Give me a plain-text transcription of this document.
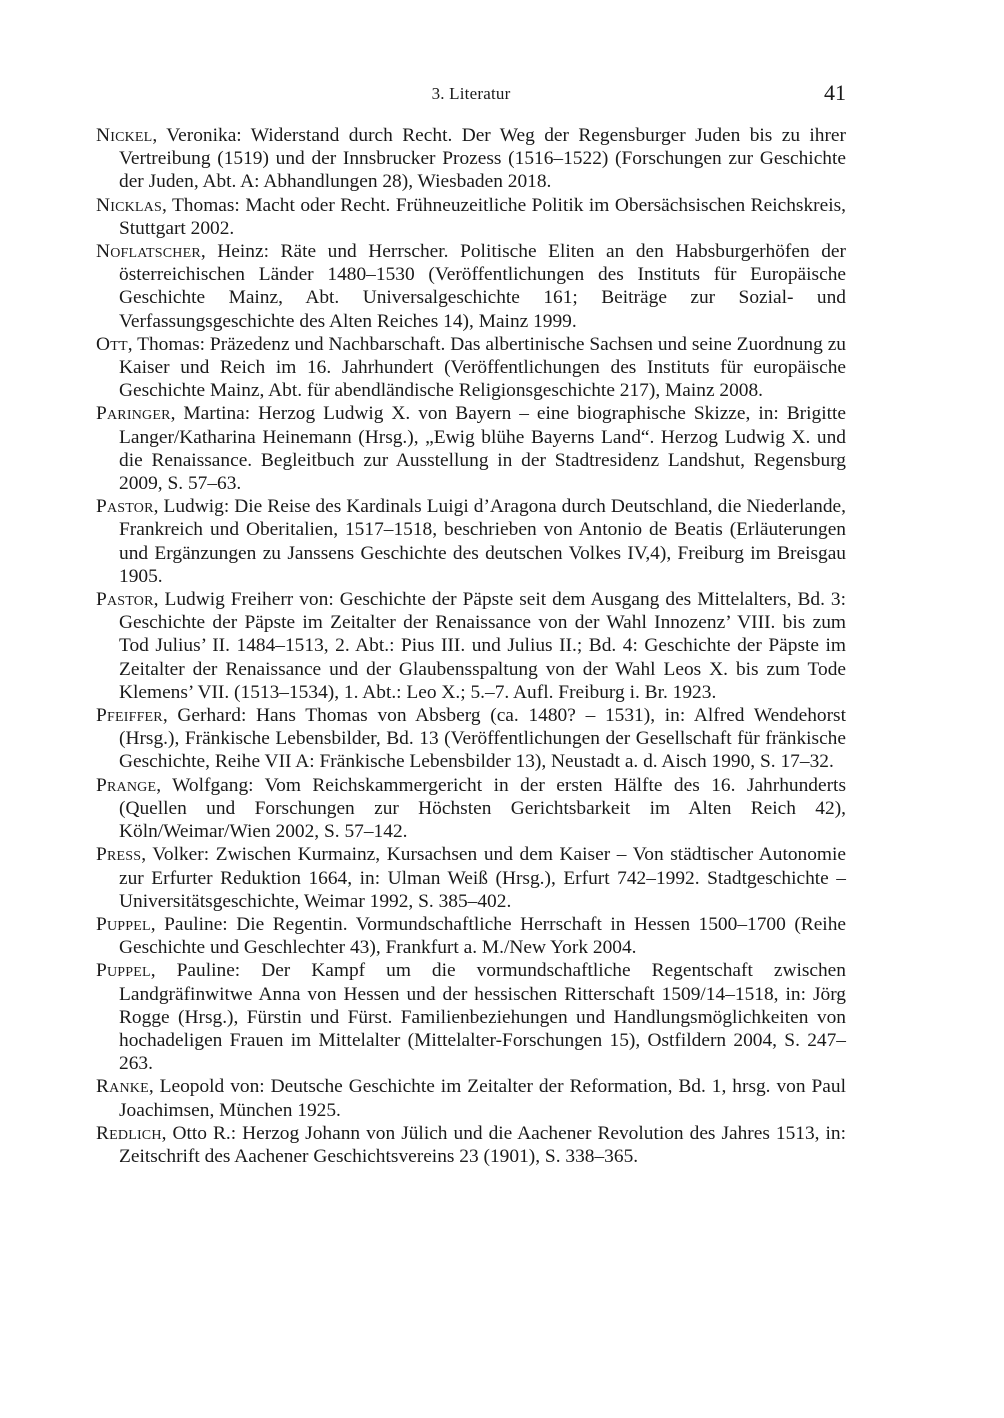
3. Literatur	41

Nickel, Veronika: Widerstand durch Recht. Der Weg der Regensburger Juden bis zu ihrer Vertreibung (1519) und der Innsbrucker Prozess (1516–1522) (Forschungen zur Geschichte der Juden, Abt. A: Abhandlungen 28), Wiesbaden 2018.

Nicklas, Thomas: Macht oder Recht. Frühneuzeitliche Politik im Obersächsischen Reichskreis, Stuttgart 2002.

Noflatscher, Heinz: Räte und Herrscher. Politische Eliten an den Habsburgerhöfen der österreichischen Länder 1480–1530 (Veröffentlichungen des Instituts für Europäische Geschichte Mainz, Abt. Universalgeschichte 161; Beiträge zur Sozial- und Verfassungsgeschichte des Alten Reiches 14), Mainz 1999.

Ott, Thomas: Präzedenz und Nachbarschaft. Das albertinische Sachsen und seine Zuordnung zu Kaiser und Reich im 16. Jahrhundert (Veröffentlichungen des Instituts für europäische Geschichte Mainz, Abt. für abendländische Religionsgeschichte 217), Mainz 2008.

Paringer, Martina: Herzog Ludwig X. von Bayern – eine biographische Skizze, in: Brigitte Langer/Katharina Heinemann (Hrsg.), „Ewig blühe Bayerns Land“. Herzog Ludwig X. und die Renaissance. Begleitbuch zur Ausstellung in der Stadtresidenz Landshut, Regensburg 2009, S. 57–63.

Pastor, Ludwig: Die Reise des Kardinals Luigi d’Aragona durch Deutschland, die Niederlande, Frankreich und Oberitalien, 1517–1518, beschrieben von Antonio de Beatis (Erläuterungen und Ergänzungen zu Janssens Geschichte des deutschen Volkes IV,4), Freiburg im Breisgau 1905.

Pastor, Ludwig Freiherr von: Geschichte der Päpste seit dem Ausgang des Mittelalters, Bd. 3: Geschichte der Päpste im Zeitalter der Renaissance von der Wahl Innozenz’ VIII. bis zum Tod Julius’ II. 1484–1513, 2. Abt.: Pius III. und Julius II.; Bd. 4: Geschichte der Päpste im Zeitalter der Renaissance und der Glaubensspaltung von der Wahl Leos X. bis zum Tode Klemens’ VII. (1513–1534), 1. Abt.: Leo X.; 5.–7. Aufl. Freiburg i. Br. 1923.

Pfeiffer, Gerhard: Hans Thomas von Absberg (ca. 1480? – 1531), in: Alfred Wendehorst (Hrsg.), Fränkische Lebensbilder, Bd. 13 (Veröffentlichungen der Gesellschaft für fränkische Geschichte, Reihe VII A: Fränkische Lebensbilder 13), Neustadt a. d. Aisch 1990, S. 17–32.

Prange, Wolfgang: Vom Reichskammergericht in der ersten Hälfte des 16. Jahrhunderts (Quellen und Forschungen zur Höchsten Gerichtsbarkeit im Alten Reich 42), Köln/Weimar/Wien 2002, S. 57–142.

Press, Volker: Zwischen Kurmainz, Kursachsen und dem Kaiser – Von städtischer Autonomie zur Erfurter Reduktion 1664, in: Ulman Weiß (Hrsg.), Erfurt 742–1992. Stadtgeschichte – Universitätsgeschichte, Weimar 1992, S. 385–402.

Puppel, Pauline: Die Regentin. Vormundschaftliche Herrschaft in Hessen 1500–1700 (Reihe Geschichte und Geschlechter 43), Frankfurt a. M./New York 2004.

Puppel, Pauline: Der Kampf um die vormundschaftliche Regentschaft zwischen Landgräfinwitwe Anna von Hessen und der hessischen Ritterschaft 1509/14–1518, in: Jörg Rogge (Hrsg.), Fürstin und Fürst. Familienbeziehungen und Handlungsmöglichkeiten von hochadeligen Frauen im Mittelalter (Mittelalter-Forschungen 15), Ostfildern 2004, S. 247–263.

Ranke, Leopold von: Deutsche Geschichte im Zeitalter der Reformation, Bd. 1, hrsg. von Paul Joachimsen, München 1925.

Redlich, Otto R.: Herzog Johann von Jülich und die Aachener Revolution des Jahres 1513, in: Zeitschrift des Aachener Geschichtsvereins 23 (1901), S. 338–365.
